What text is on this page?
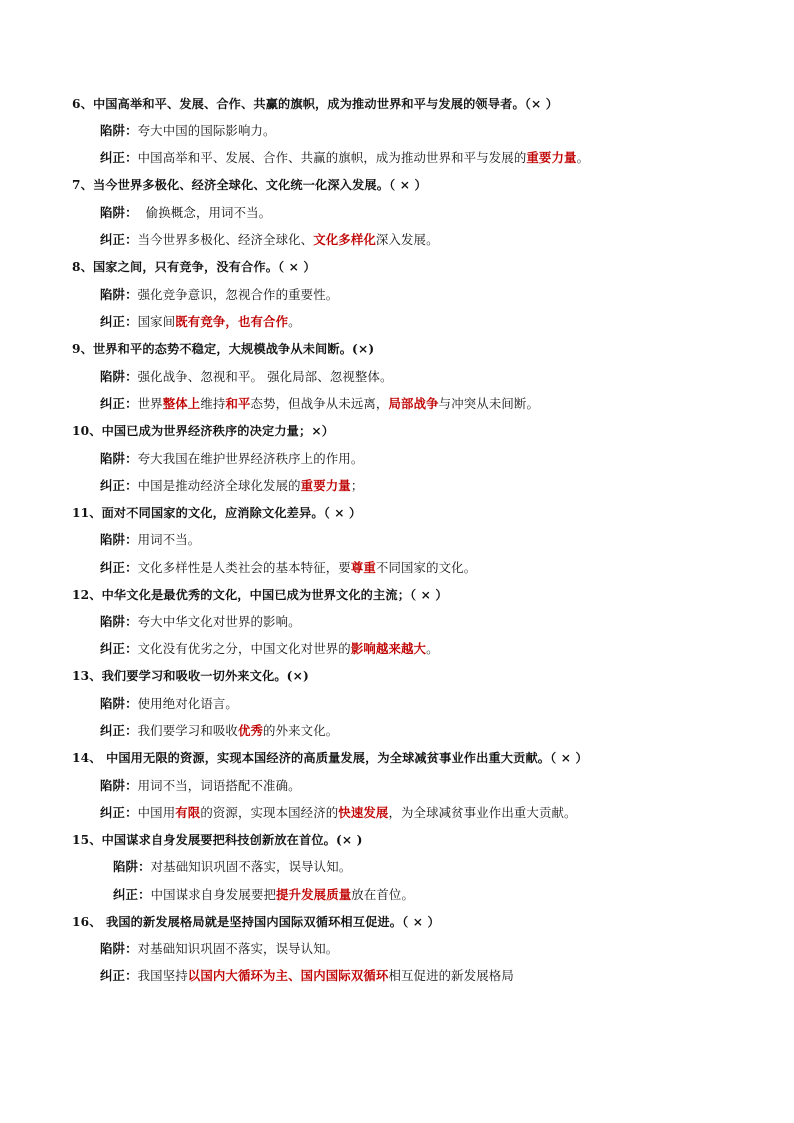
6、中国高举和平、发展、合作、共赢的旗帜，成为推动世界和平与发展的领导者。（× ）
陷阱：夸大中国的国际影响力。
纠正：中国高举和平、发展、合作、共赢的旗帜，成为推动世界和平与发展的重要力量。
7、当今世界多极化、经济全球化、文化统一化深入发展。（ × ）
陷阱：  偷换概念，用词不当。
纠正：当今世界多极化、经济全球化、文化多样化深入发展。
8、国家之间，只有竞争，没有合作。（ × ）
陷阱：强化竞争意识，忽视合作的重要性。
纠正：国家间既有竞争，也有合作。
9、世界和平的态势不稳定，大规模战争从未间断。(×)
陷阱：强化战争、忽视和平。 强化局部、忽视整体。
纠正：世界整体上维持和平态势，但战争从未远离，局部战争与冲突从未间断。
10、中国已成为世界经济秩序的决定力量；×）
陷阱：夸大我国在维护世界经济秩序上的作用。
纠正：中国是推动经济全球化发展的重要力量；
11、面对不同国家的文化，应消除文化差异。（ × ）
陷阱：用词不当。
纠正：文化多样性是人类社会的基本特征，要尊重不同国家的文化。
12、中华文化是最优秀的文化，中国已成为世界文化的主流；（ × ）
陷阱：夸大中华文化对世界的影响。
纠正：文化没有优劣之分，中国文化对世界的影响越来越大。
13、我们要学习和吸收一切外来文化。(×)
陷阱：使用绝对化语言。
纠正：我们要学习和吸收优秀的外来文化。
14、 中国用无限的资源，实现本国经济的高质量发展，为全球减贫事业作出重大贡献。（ × ）
陷阱：用词不当，词语搭配不准确。
纠正：中国用有限的资源，实现本国经济的快速发展，为全球减贫事业作出重大贡献。
15、中国谋求自身发展要把科技创新放在首位。(× )
陷阱：对基础知识巩固不落实，误导认知。
纠正：中国谋求自身发展要把提升发展质量放在首位。
16、 我国的新发展格局就是坚持国内国际双循环相互促进。（ × ）
陷阱：对基础知识巩固不落实，误导认知。
纠正：我国坚持以国内大循环为主、国内国际双循环相互促进的新发展格局
